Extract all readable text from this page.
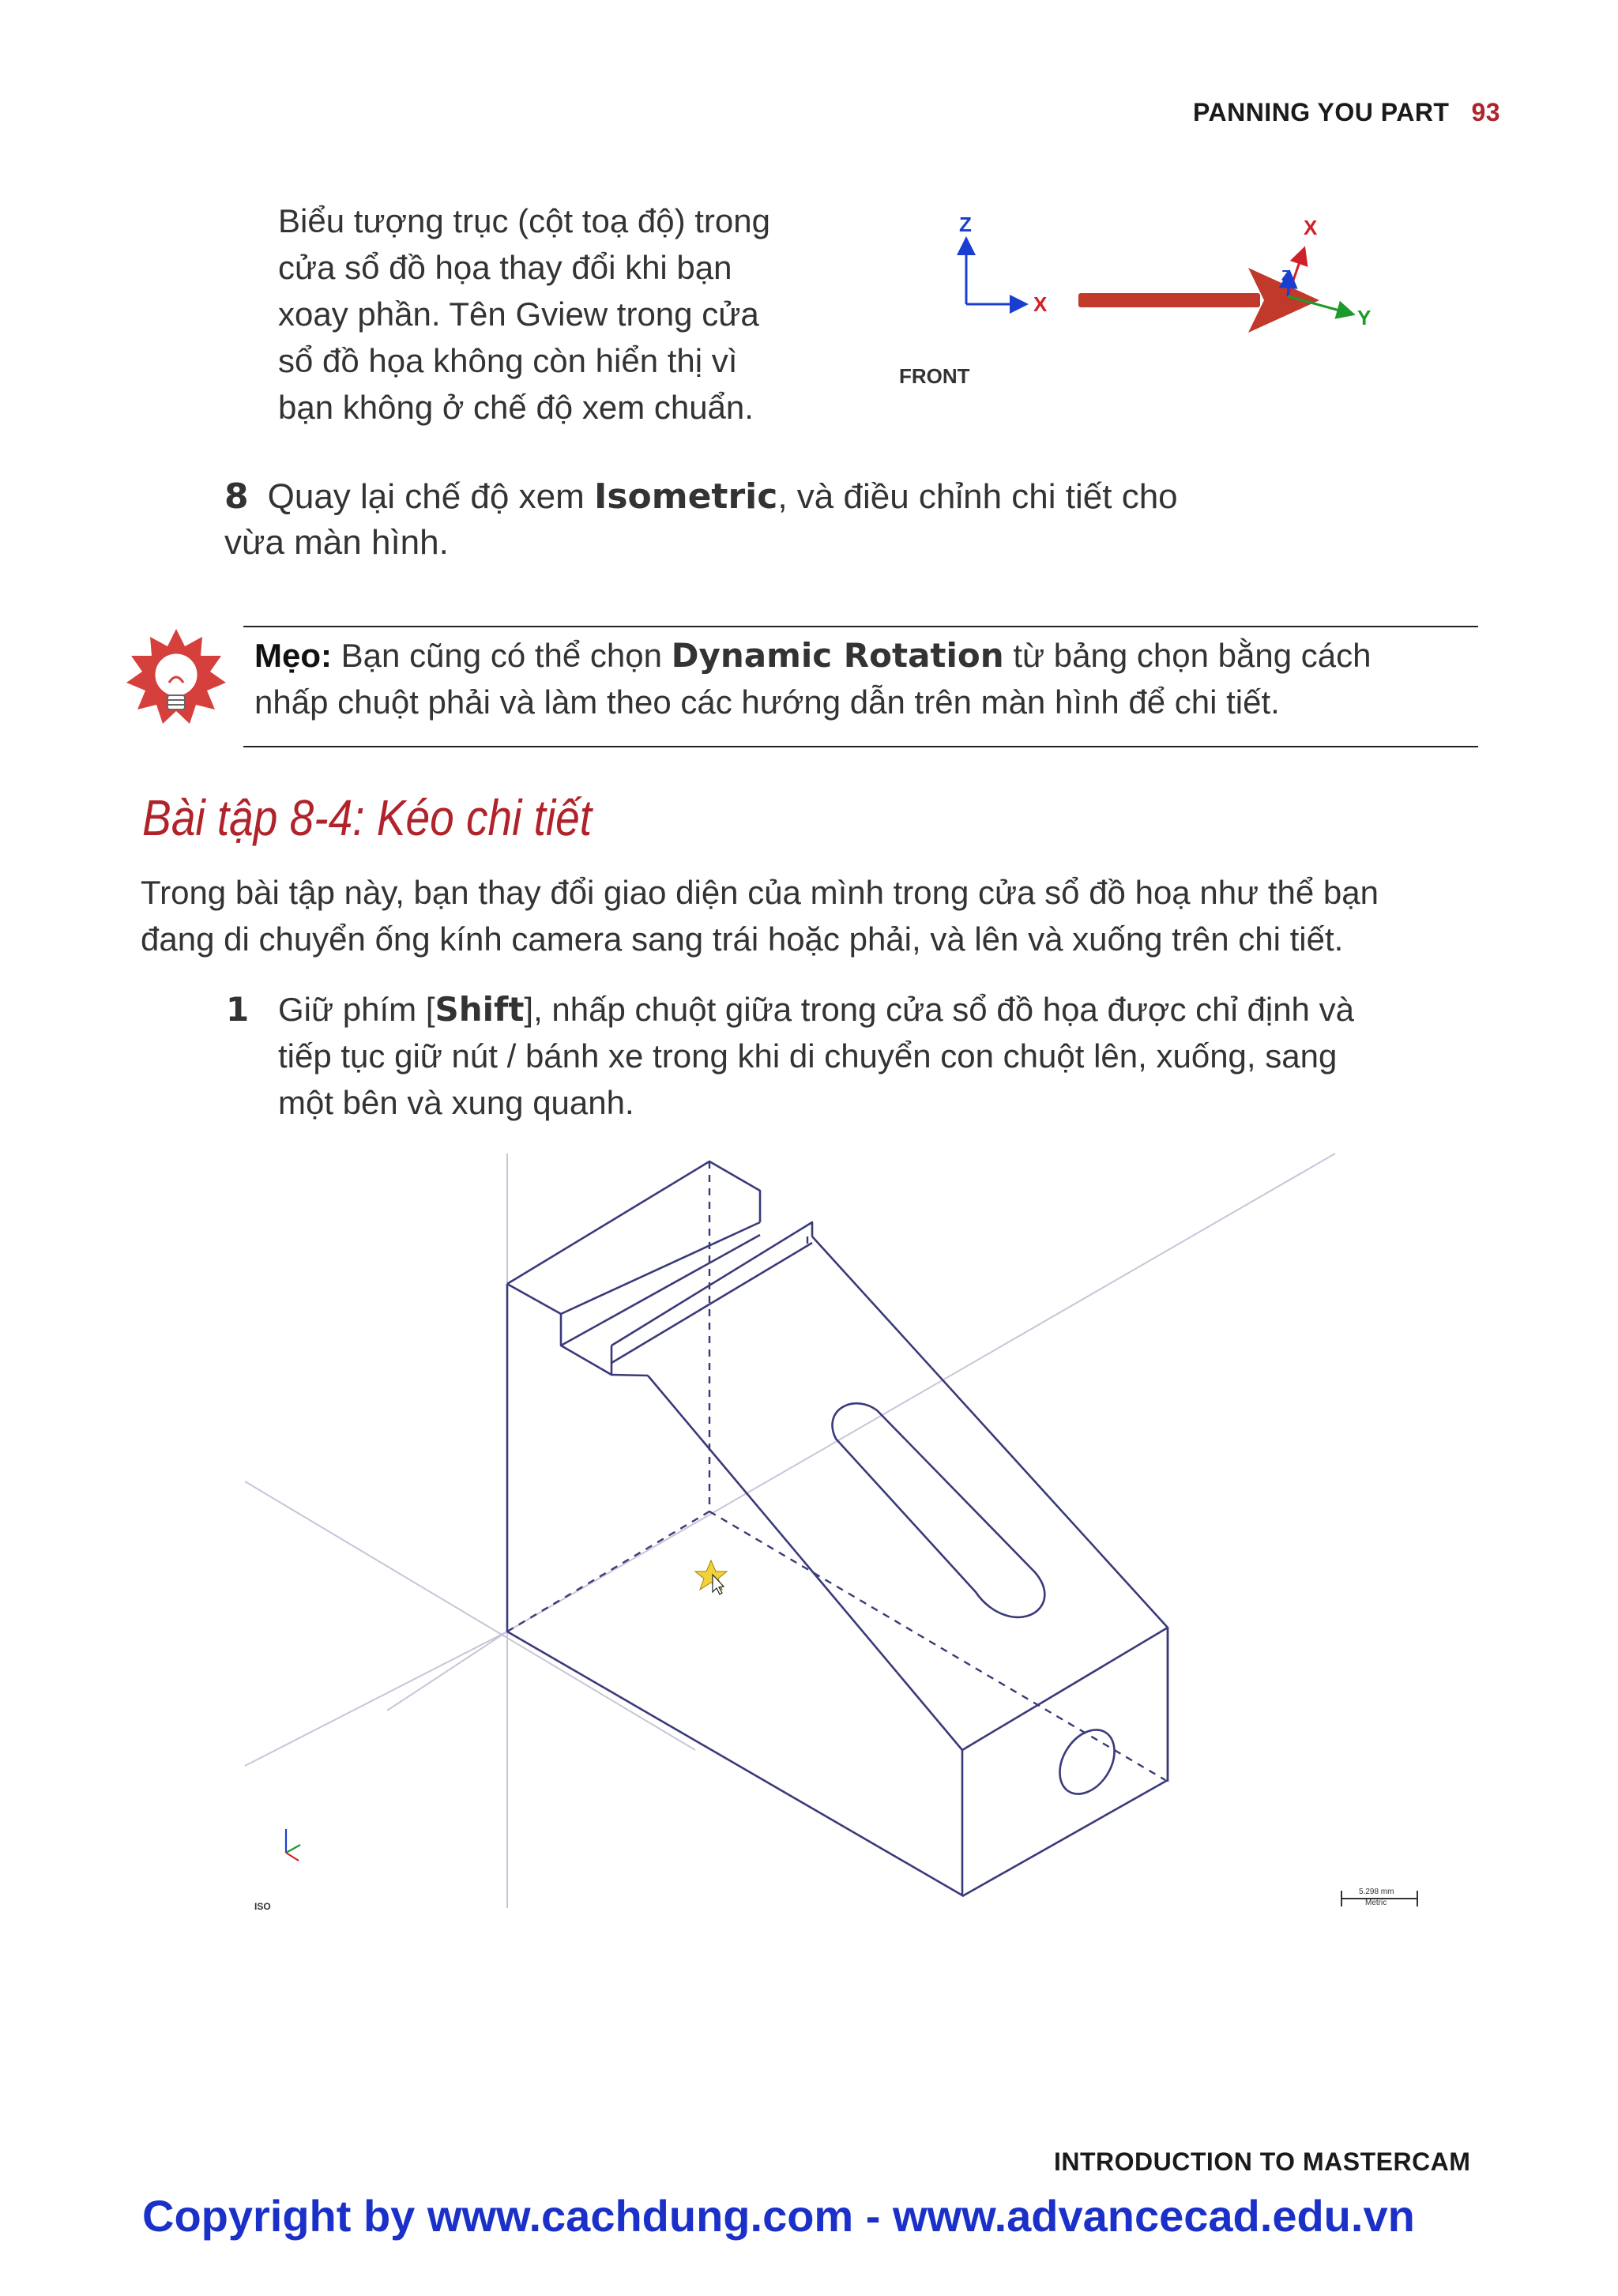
PANNING YOU PART 93
Biểu tượng trục (cột toạ độ) trong
cửa sổ đồ họa thay đổi khi bạn
xoay phần. Tên Gview trong cửa
sổ đồ họa không còn hiển thị vì
bạn không ở chế độ xem chuẩn.
Z
X
FRONT
X
Z
Y
8 Quay lại chế độ xem Isometric, và điều chỉnh chi tiết cho
vừa màn hình.
Mẹo: Bạn cũng có thể chọn Dynamic Rotation từ bảng chọn bằng cách
nhấp chuột phải và làm theo các hướng dẫn trên màn hình để chi tiết.
Bài tập 8-4: Kéo chi tiết
Trong bài tập này, bạn thay đổi giao diện của mình trong cửa sổ đồ hoạ như thể bạn
đang di chuyển ống kính camera sang trái hoặc phải, và lên và xuống trên chi tiết.
1 Giữ phím [Shift], nhấp chuột giữa trong cửa sổ đồ họa được chỉ định và
tiếp tục giữ nút / bánh xe trong khi di chuyển con chuột lên, xuống, sang
một bên và xung quanh.
ISO
5.298 mm
Metric
INTRODUCTION TO MASTERCAM
Copyright by www.cachdung.com - www.advancecad.edu.vn
